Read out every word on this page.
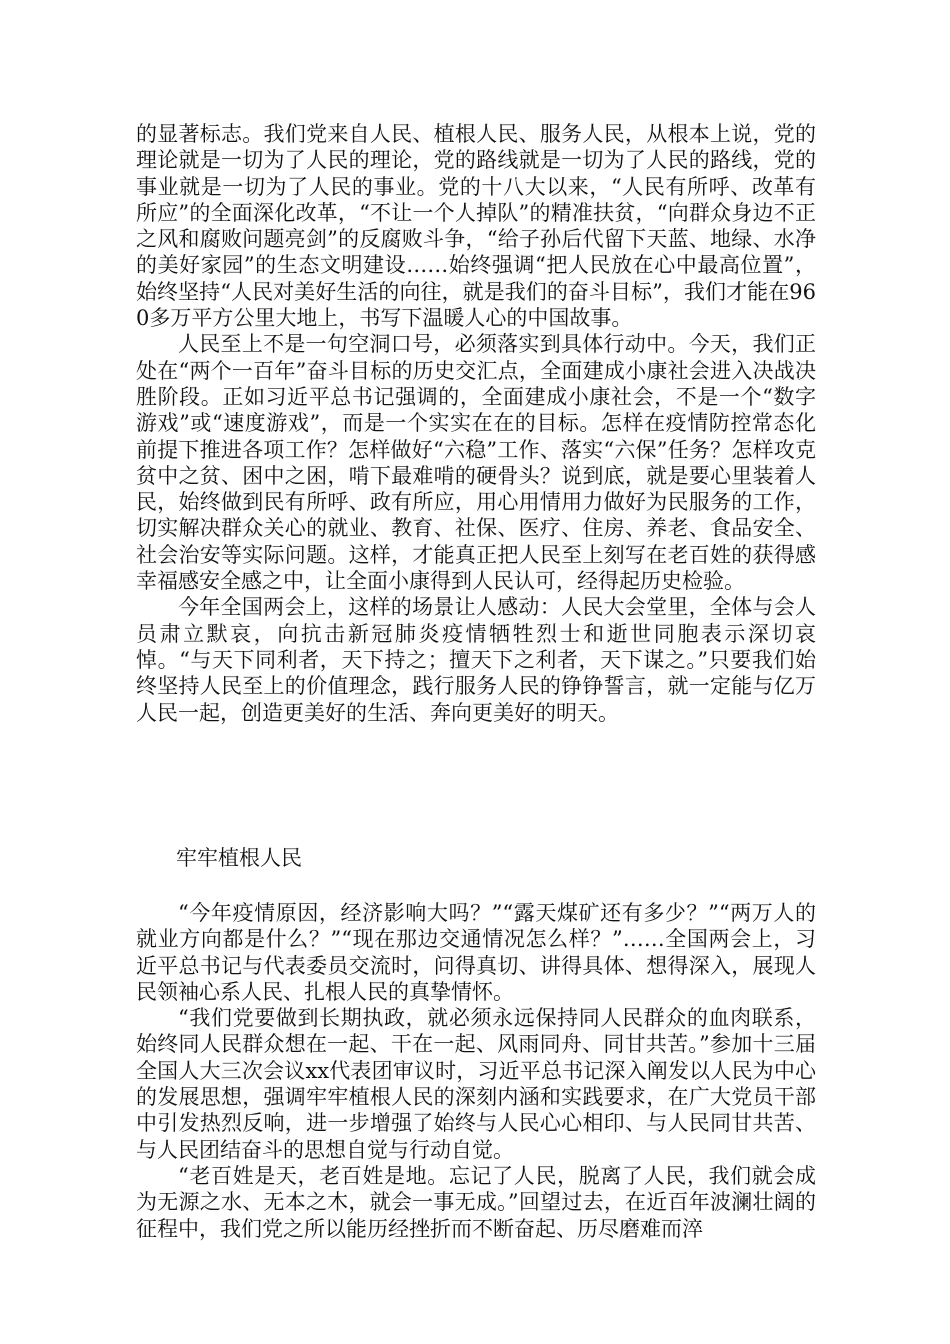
的显著标志。我们党来自人民、植根人民、服务人民，从根本上说，党的理论就是一切为了人民的理论，党的路线就是一切为了人民的路线，党的事业就是一切为了人民的事业。党的十八大以来，“人民有所呼、改革有所应”的全面深化改革，“不让一个人掉队”的精准扶贫，“向群众身边不正之风和腐败问题亮剑”的反腐败斗争，“给子孙后代留下天蓝、地绿、水净的美好家园”的生态文明建设……始终强调“把人民放在心中最高位置”，始终坚持“人民对美好生活的向往，就是我们的奋斗目标”，我们才能在960多万平方公里大地上，书写下温暖人心的中国故事。

人民至上不是一句空洞口号，必须落实到具体行动中。今天，我们正处在“两个一百年”奋斗目标的历史交汇点，全面建成小康社会进入决战决胜阶段。正如习近平总书记强调的，全面建成小康社会，不是一个“数字游戏”或“速度游戏”，而是一个实实在在的目标。怎样在疫情防控常态化前提下推进各项工作？怎样做好“六稳”工作、落实“六保”任务？怎样攻克贫中之贫、困中之困，啃下最难啃的硬骨头？说到底，就是要心里装着人民，始终做到民有所呼、政有所应，用心用情用力做好为民服务的工作，切实解决群众关心的就业、教育、社保、医疗、住房、养老、食品安全、社会治安等实际问题。这样，才能真正把人民至上刻写在老百姓的获得感幸福感安全感之中，让全面小康得到人民认可，经得起历史检验。

今年全国两会上，这样的场景让人感动：人民大会堂里，全体与会人员肃立默哀，向抗击新冠肺炎疫情牺牲烈士和逝世同胞表示深切哀悼。“与天下同利者，天下持之；擅天下之利者，天下谋之。”只要我们始终坚持人民至上的价值理念，践行服务人民的铮铮誓言，就一定能与亿万人民一起，创造更美好的生活、奔向更美好的明天。

牢牢植根人民

“今年疫情原因，经济影响大吗？”“露天煤矿还有多少？”“两万人的就业方向都是什么？”“现在那边交通情况怎么样？”……全国两会上，习近平总书记与代表委员交流时，问得真切、讲得具体、想得深入，展现人民领袖心系人民、扎根人民的真挚情怀。

“我们党要做到长期执政，就必须永远保持同人民群众的血肉联系，始终同人民群众想在一起、干在一起、风雨同舟、同甘共苦。”参加十三届全国人大三次会议xx代表团审议时，习近平总书记深入阐发以人民为中心的发展思想，强调牢牢植根人民的深刻内涵和实践要求，在广大党员干部中引发热烈反响，进一步增强了始终与人民心心相印、与人民同甘共苦、与人民团结奋斗的思想自觉与行动自觉。

“老百姓是天，老百姓是地。忘记了人民，脱离了人民，我们就会成为无源之水、无本之木，就会一事无成。”回望过去，在近百年波澜壮阔的征程中，我们党之所以能历经挫折而不断奋起、历尽磨难而淬
